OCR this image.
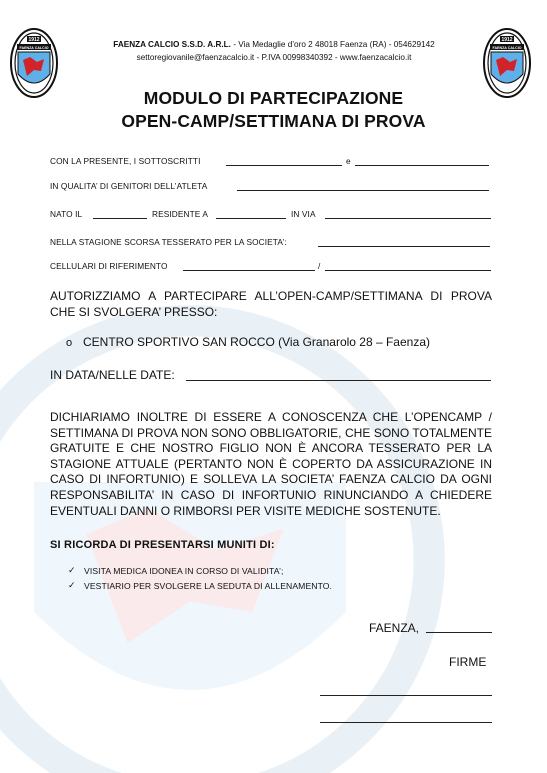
1912
FAENZA CALCIO
1912
FAENZA CALCIO
FAENZA CALCIO S.S.D. A.R.L. - Via Medaglie d’oro 2 48018 Faenza (RA) - 054629142
settoregiovanile@faenzacalcio.it - P.IVA 00998340392 - www.faenzacalcio.it
MODULO DI PARTECIPAZIONE
OPEN-CAMP/SETTIMANA DI PROVA
CON LA PRESENTE, I SOTTOSCRITTI	e
IN QUALITA’ DI GENITORI DELL’ATLETA
NATO IL	RESIDENTE A	IN VIA
NELLA STAGIONE SCORSA TESSERATO PER LA SOCIETA’:
CELLULARI DI RIFERIMENTO	/
AUTORIZZIAMO A PARTECIPARE ALL’OPEN-CAMP/SETTIMANA DI PROVA CHE SI SVOLGERA’ PRESSO:
o CENTRO SPORTIVO SAN ROCCO (Via Granarolo 28 – Faenza)
IN DATA/NELLE DATE:
DICHIARIAMO INOLTRE DI ESSERE A CONOSCENZA CHE L’OPENCAMP / SETTIMANA DI PROVA NON SONO OBBLIGATORIE, CHE SONO TOTALMENTE GRATUITE E CHE NOSTRO FIGLIO NON È ANCORA TESSERATO PER LA STAGIONE ATTUALE (PERTANTO NON È COPERTO DA ASSICURAZIONE IN CASO DI INFORTUNIO) E SOLLEVA LA SOCIETA’ FAENZA CALCIO DA OGNI RESPONSABILITA’ IN CASO DI INFORTUNIO RINUNCIANDO A CHIEDERE EVENTUALI DANNI O RIMBORSI PER VISITE MEDICHE SOSTENUTE.
SI RICORDA DI PRESENTARSI MUNITI DI:
✓ VISITA MEDICA IDONEA IN CORSO DI VALIDITA’;
✓ VESTIARIO PER SVOLGERE LA SEDUTA DI ALLENAMENTO.
FAENZA,
FIRME
